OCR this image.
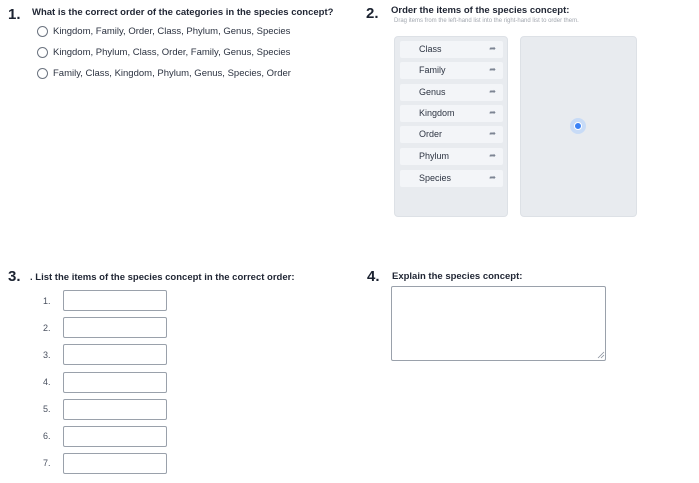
1. What is the correct order of the categories in the species concept?
Kingdom, Family, Order, Class, Phylum, Genus, Species
Kingdom, Phylum, Class, Order, Family, Genus, Species
Family, Class, Kingdom, Phylum, Genus, Species, Order
2. Order the items of the species concept:
Drag items from the left-hand list into the right-hand list to order them.
Class	➦
Family	➦
Genus	➦
Kingdom	➦
Order	➦
Phylum	➦
Species	➦
3. . List the items of the species concept in the correct order:
1.
2.
3.
4.
5.
6.
7.
4. Explain the species concept:
